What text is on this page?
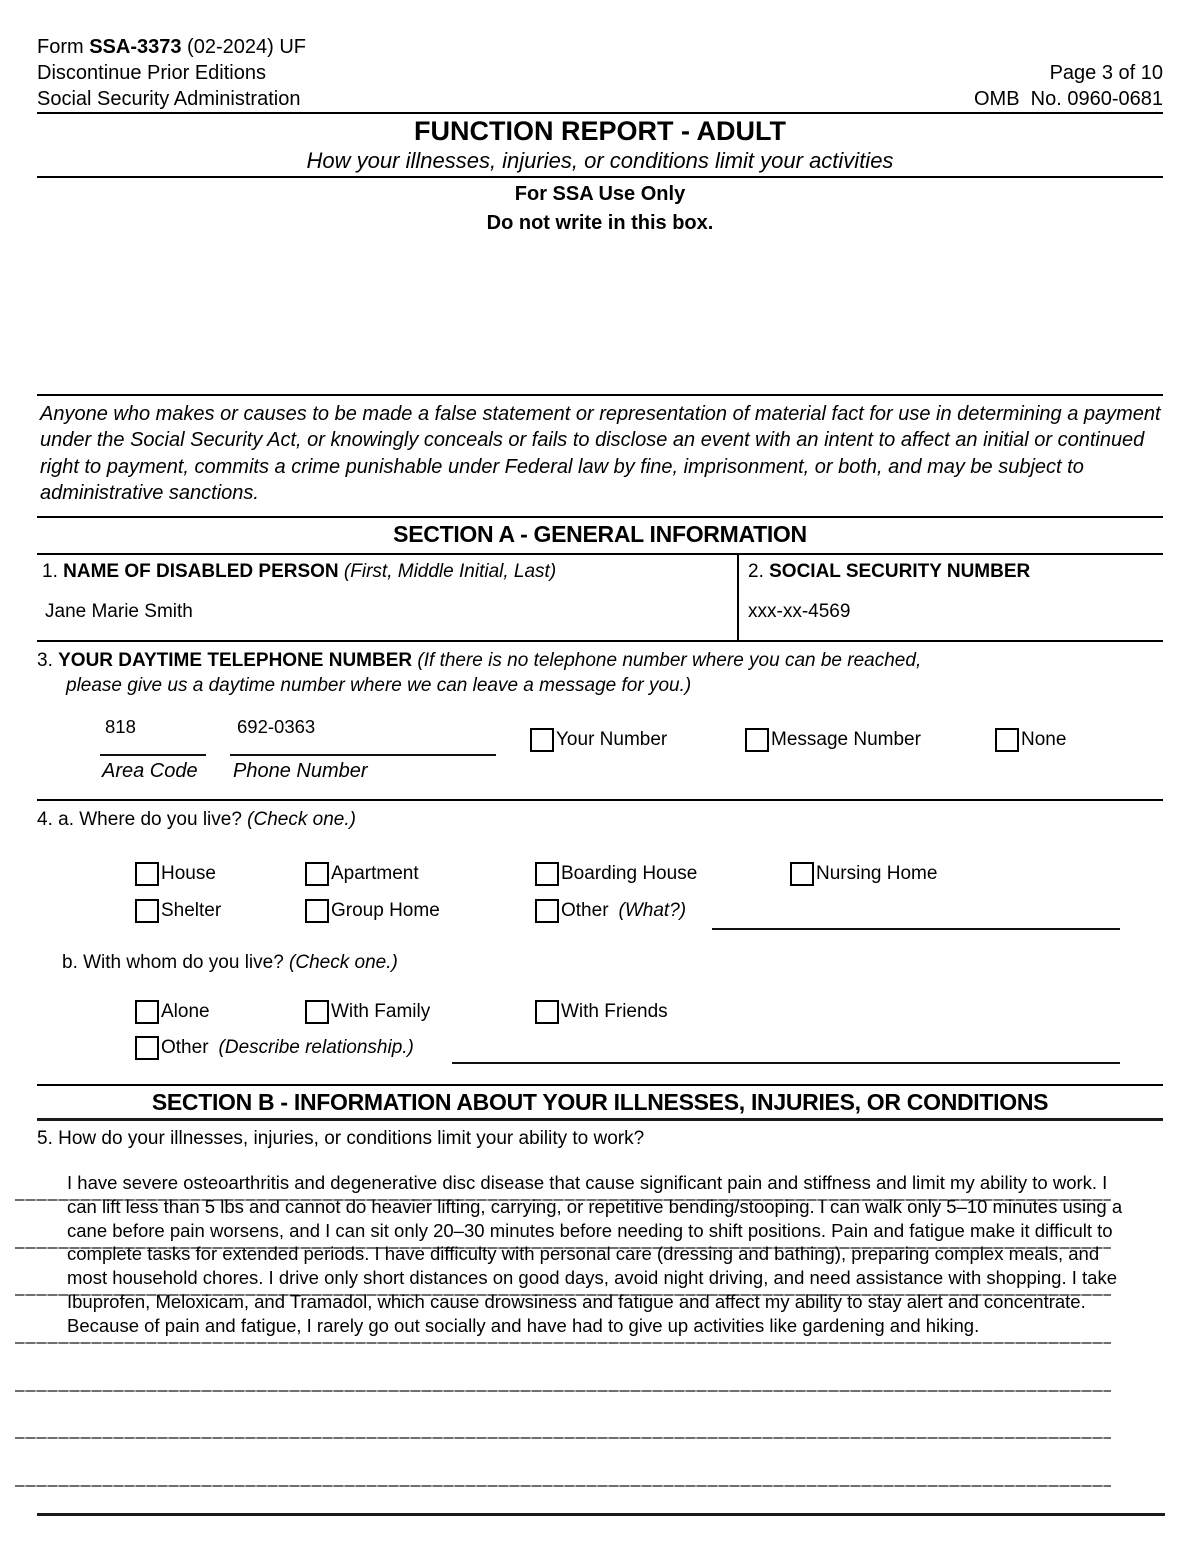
Form SSA-3373 (02-2024) UF
Discontinue Prior Editions
Social Security Administration
Page 3 of 10
OMB  No. 0960-0681
FUNCTION REPORT - ADULT
How your illnesses, injuries, or conditions limit your activities
For SSA Use Only
Do not write in this box.
Anyone who makes or causes to be made a false statement or representation of material fact for use in determining a payment under the Social Security Act, or knowingly conceals or fails to disclose an event with an intent to affect an initial or continued right to payment, commits a crime punishable under Federal law by fine, imprisonment, or both, and may be subject to administrative sanctions.
SECTION A - GENERAL INFORMATION
1. NAME OF DISABLED PERSON (First, Middle Initial, Last)
Jane Marie Smith
2. SOCIAL SECURITY NUMBER
xxx-xx-4569
3. YOUR DAYTIME TELEPHONE NUMBER (If there is no telephone number where you can be reached,
please give us a daytime number where we can leave a message for you.)
818	692-0363
Area Code Phone Number
Your Number	Message Number	None
4. a. Where do you live? (Check one.)
House	Apartment	Boarding House	Nursing Home
Shelter	Group Home	Other (What?)
b. With whom do you live? (Check one.)
Alone	With Family	With Friends
Other (Describe relationship.)
SECTION B - INFORMATION ABOUT YOUR ILLNESSES, INJURIES, OR CONDITIONS
5. How do your illnesses, injuries, or conditions limit your ability to work?
I have severe osteoarthritis and degenerative disc disease that cause significant pain and stiffness and limit my ability to work. I can lift less than 5 lbs and cannot do heavier lifting, carrying, or repetitive bending/stooping. I can walk only 5–10 minutes using a cane before pain worsens, and I can sit only 20–30 minutes before needing to shift positions. Pain and fatigue make it difficult to complete tasks for extended periods. I have difficulty with personal care (dressing and bathing), preparing complex meals, and most household chores. I drive only short distances on good days, avoid night driving, and need assistance with shopping. I take Ibuprofen, Meloxicam, and Tramadol, which cause drowsiness and fatigue and affect my ability to stay alert and concentrate. Because of pain and fatigue, I rarely go out socially and have had to give up activities like gardening and hiking.
